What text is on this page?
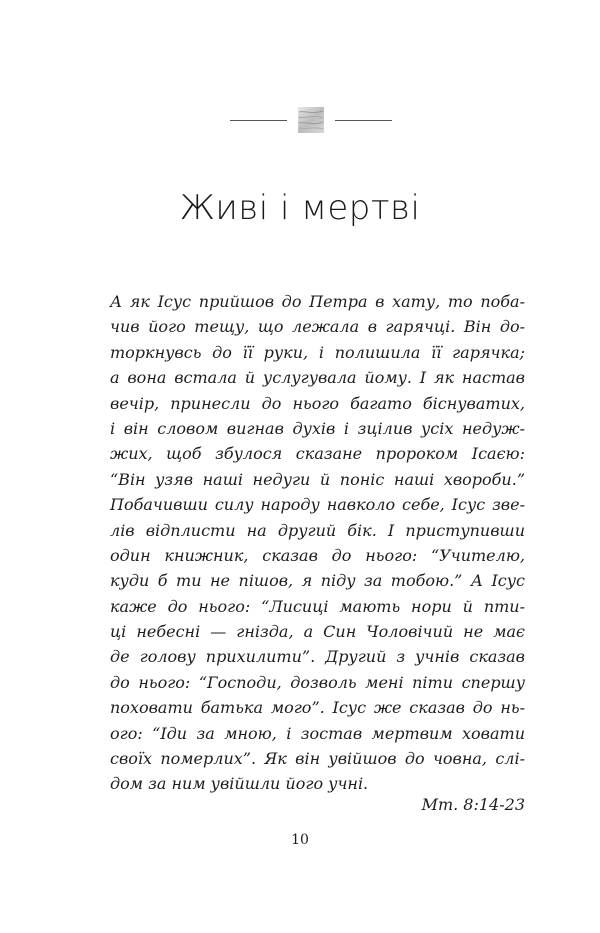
Живі і мертві
А як Ісус прийшов до Петра в хату, то поба-
чив його тещу, що лежала в гарячці. Він до-
торкнувсь до її руки, і полишила її гарячка;
а вона встала й услугувала йому. І як настав
вечір, принесли до нього багато біснуватих,
і він словом вигнав духів і зцілив усіх недуж-
жих, щоб збулося сказане пророком Ісаєю:
“Він узяв наші недуги й поніс наші хвороби.”
Побачивши силу народу навколо себе, Ісус зве-
лів відплисти на другий бік. І приступивши
один книжник, сказав до нього: “Учителю,
куди б ти не пішов, я піду за тобою.” А Ісус
каже до нього: “Лисиці мають нори й пти-
ці небесні — гнізда, а Син Чоловічий не має
де голову прихилити”. Другий з учнів сказав
до нього: “Господи, дозволь мені піти спершу
поховати батька мого”. Ісус же сказав до нь-
ого: “Іди за мною, і зостав мертвим ховати
своїх померлих”. Як він увійшов до човна, слі-
дом за ним увійшли його учні.

Мт. 8:14-23

10
